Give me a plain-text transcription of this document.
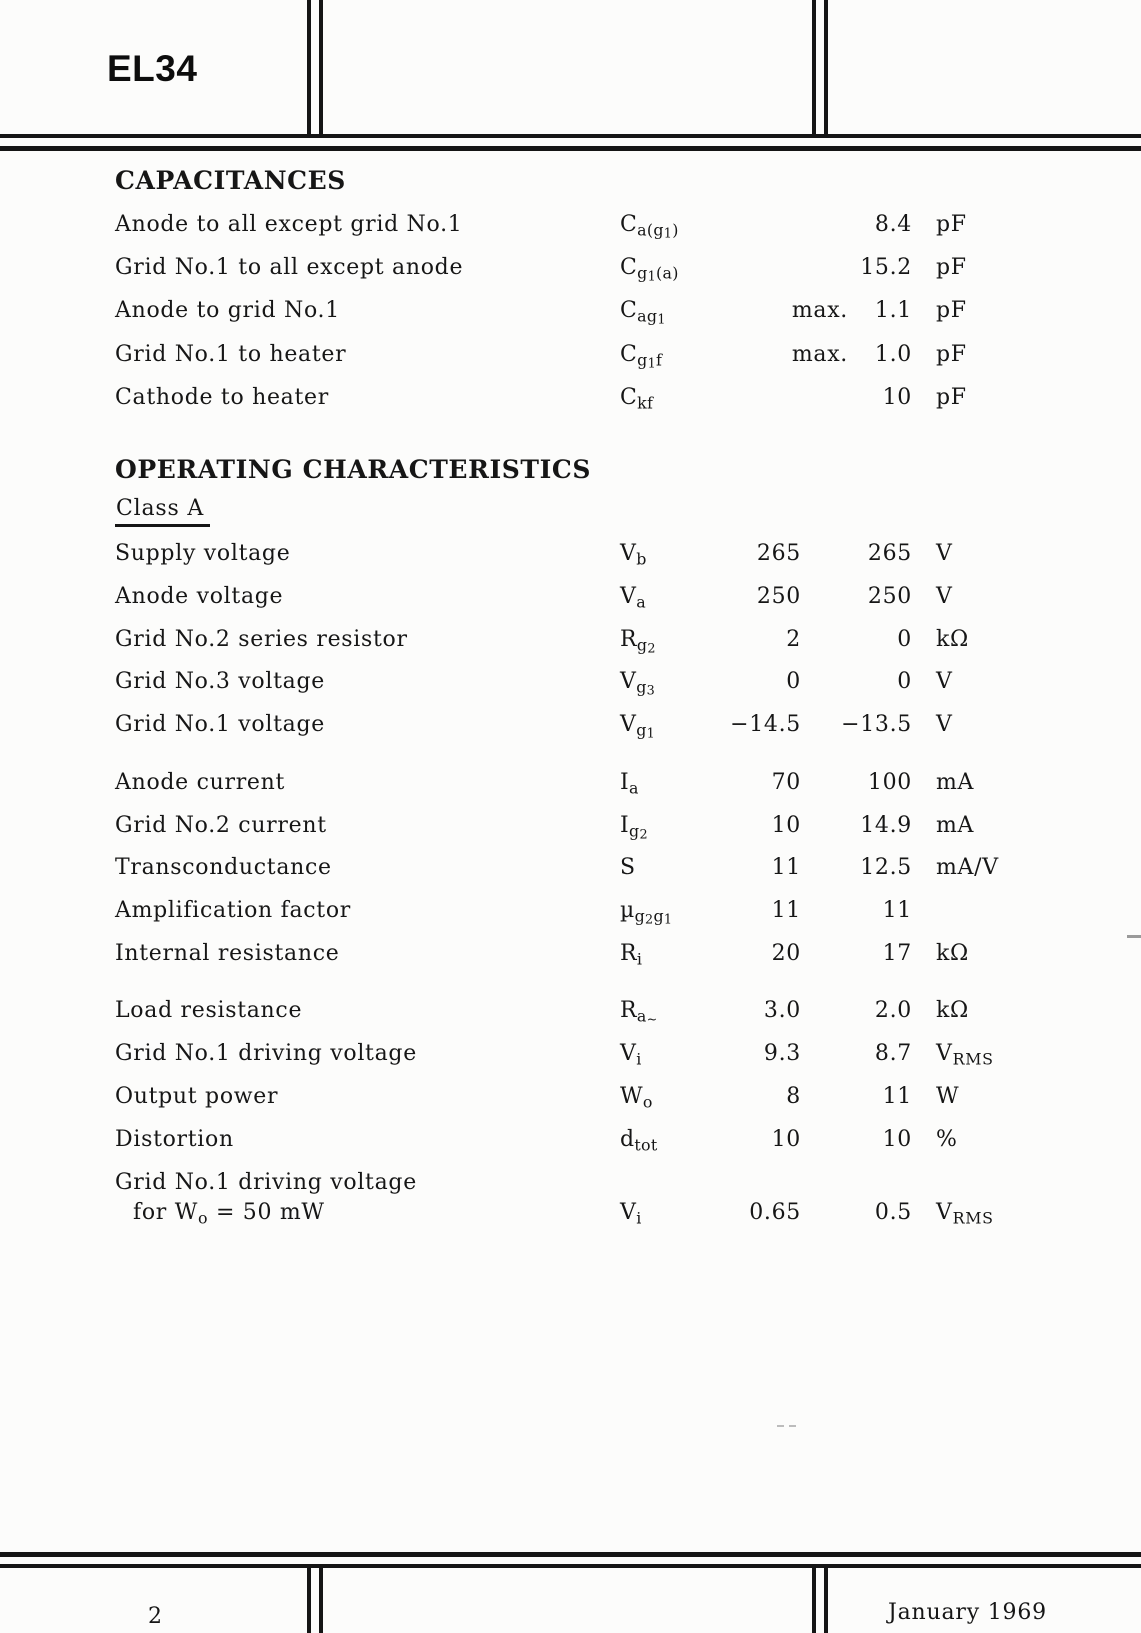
EL34
CAPACITANCES
OPERATING CHARACTERISTICS
Class A
Anode to all except grid No.1	$C_{a(g1)}$	8.4 pF
Grid No.1 to all except anode	$C_{g1(a)}$	15.2 pF
Anode to grid No.1	$C_{ag1}$	max.	1.1 pF
Grid No.1 to heater	$C_{g1f}$	max.	1.0 pF
Cathode to heater	$C_{kf}$	10 pF
Supply voltage	$V_b$	265	265 V
Anode voltage	$V_a$	250	250 V
Grid No.2 series resistor	$R_{g2}$	2	0 kΩ
Grid No.3 voltage	$V_{g3}$	0	0 V
Grid No.1 voltage	$V_{g1}$	−14.5	−13.5 V
Anode current	$I_a$	70	100 mA
Grid No.2 current	$I_{g2}$	10	14.9 mA
Transconductance	S	11	12.5 mA/V
Amplification factor	µ$_{g2g1}$	11	11
Internal resistance	$R_i$	20	17 kΩ
Load resistance	$R_{a\sim}$	3.0	2.0 kΩ
Grid No.1 driving voltage	$V_i$	9.3	8.7 $V_{RMS}$
Output power	$W_o$	8	11 W
Distortion	$d_{tot}$	10	10 %
Grid No.1 driving voltage
for $W_o = 50$ mW	$V_i$	0.65	0.5 $V_{RMS}$
2	January 1969
